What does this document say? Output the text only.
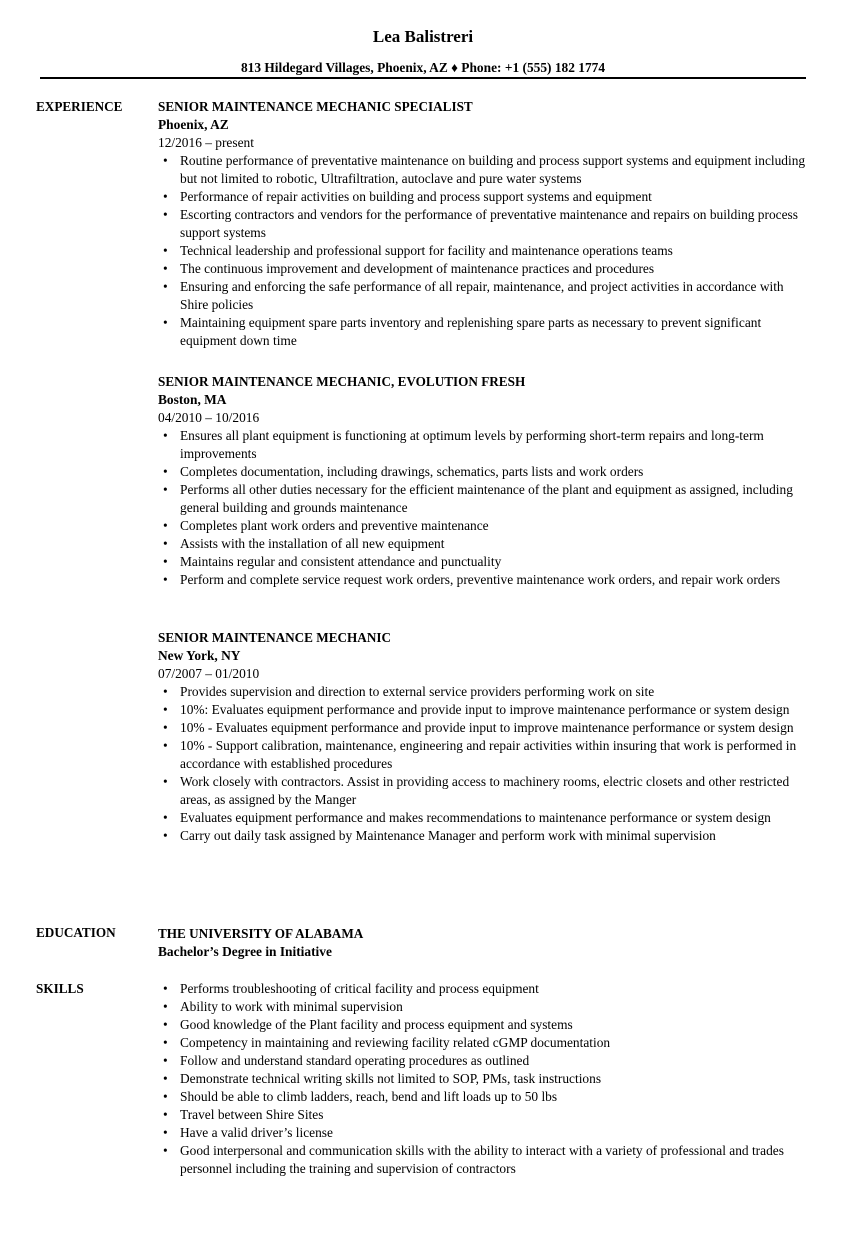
Lea Balistreri
813 Hildegard Villages, Phoenix, AZ ♦ Phone: +1 (555) 182 1774
EXPERIENCE	SENIOR MAINTENANCE MECHANIC SPECIALIST
Phoenix, AZ
12/2016 – present
• Routine performance of preventative maintenance on building and process support systems and equipment including but not limited to robotic, Ultrafiltration, autoclave and pure water systems
• Performance of repair activities on building and process support systems and equipment
• Escorting contractors and vendors for the performance of preventative maintenance and repairs on building process support systems
• Technical leadership and professional support for facility and maintenance operations teams
• The continuous improvement and development of maintenance practices and procedures
• Ensuring and enforcing the safe performance of all repair, maintenance, and project activities in accordance with Shire policies
• Maintaining equipment spare parts inventory and replenishing spare parts as necessary to prevent significant equipment down time
SENIOR MAINTENANCE MECHANIC, EVOLUTION FRESH
Boston, MA
04/2010 – 10/2016
• Ensures all plant equipment is functioning at optimum levels by performing short-term repairs and long-term improvements
• Completes documentation, including drawings, schematics, parts lists and work orders
• Performs all other duties necessary for the efficient maintenance of the plant and equipment as assigned, including general building and grounds maintenance
• Completes plant work orders and preventive maintenance
• Assists with the installation of all new equipment
• Maintains regular and consistent attendance and punctuality
• Perform and complete service request work orders, preventive maintenance work orders, and repair work orders
SENIOR MAINTENANCE MECHANIC
New York, NY
07/2007 – 01/2010
• Provides supervision and direction to external service providers performing work on site
• 10%: Evaluates equipment performance and provide input to improve maintenance performance or system design
• 10% - Evaluates equipment performance and provide input to improve maintenance performance or system design
• 10% - Support calibration, maintenance, engineering and repair activities within insuring that work is performed in accordance with established procedures
• Work closely with contractors. Assist in providing access to machinery rooms, electric closets and other restricted areas, as assigned by the Manger
• Evaluates equipment performance and makes recommendations to maintenance performance or system design
• Carry out daily task assigned by Maintenance Manager and perform work with minimal supervision
EDUCATION	THE UNIVERSITY OF ALABAMA
Bachelor’s Degree in Initiative
SKILLS
•	Performs troubleshooting of critical facility and process equipment
• Ability to work with minimal supervision
• Good knowledge of the Plant facility and process equipment and systems
• Competency in maintaining and reviewing facility related cGMP documentation
• Follow and understand standard operating procedures as outlined
• Demonstrate technical writing skills not limited to SOP, PMs, task instructions
• Should be able to climb ladders, reach, bend and lift loads up to 50 lbs
• Travel between Shire Sites
• Have a valid driver’s license
• Good interpersonal and communication skills with the ability to interact with a variety of professional and trades personnel including the training and supervision of contractors
